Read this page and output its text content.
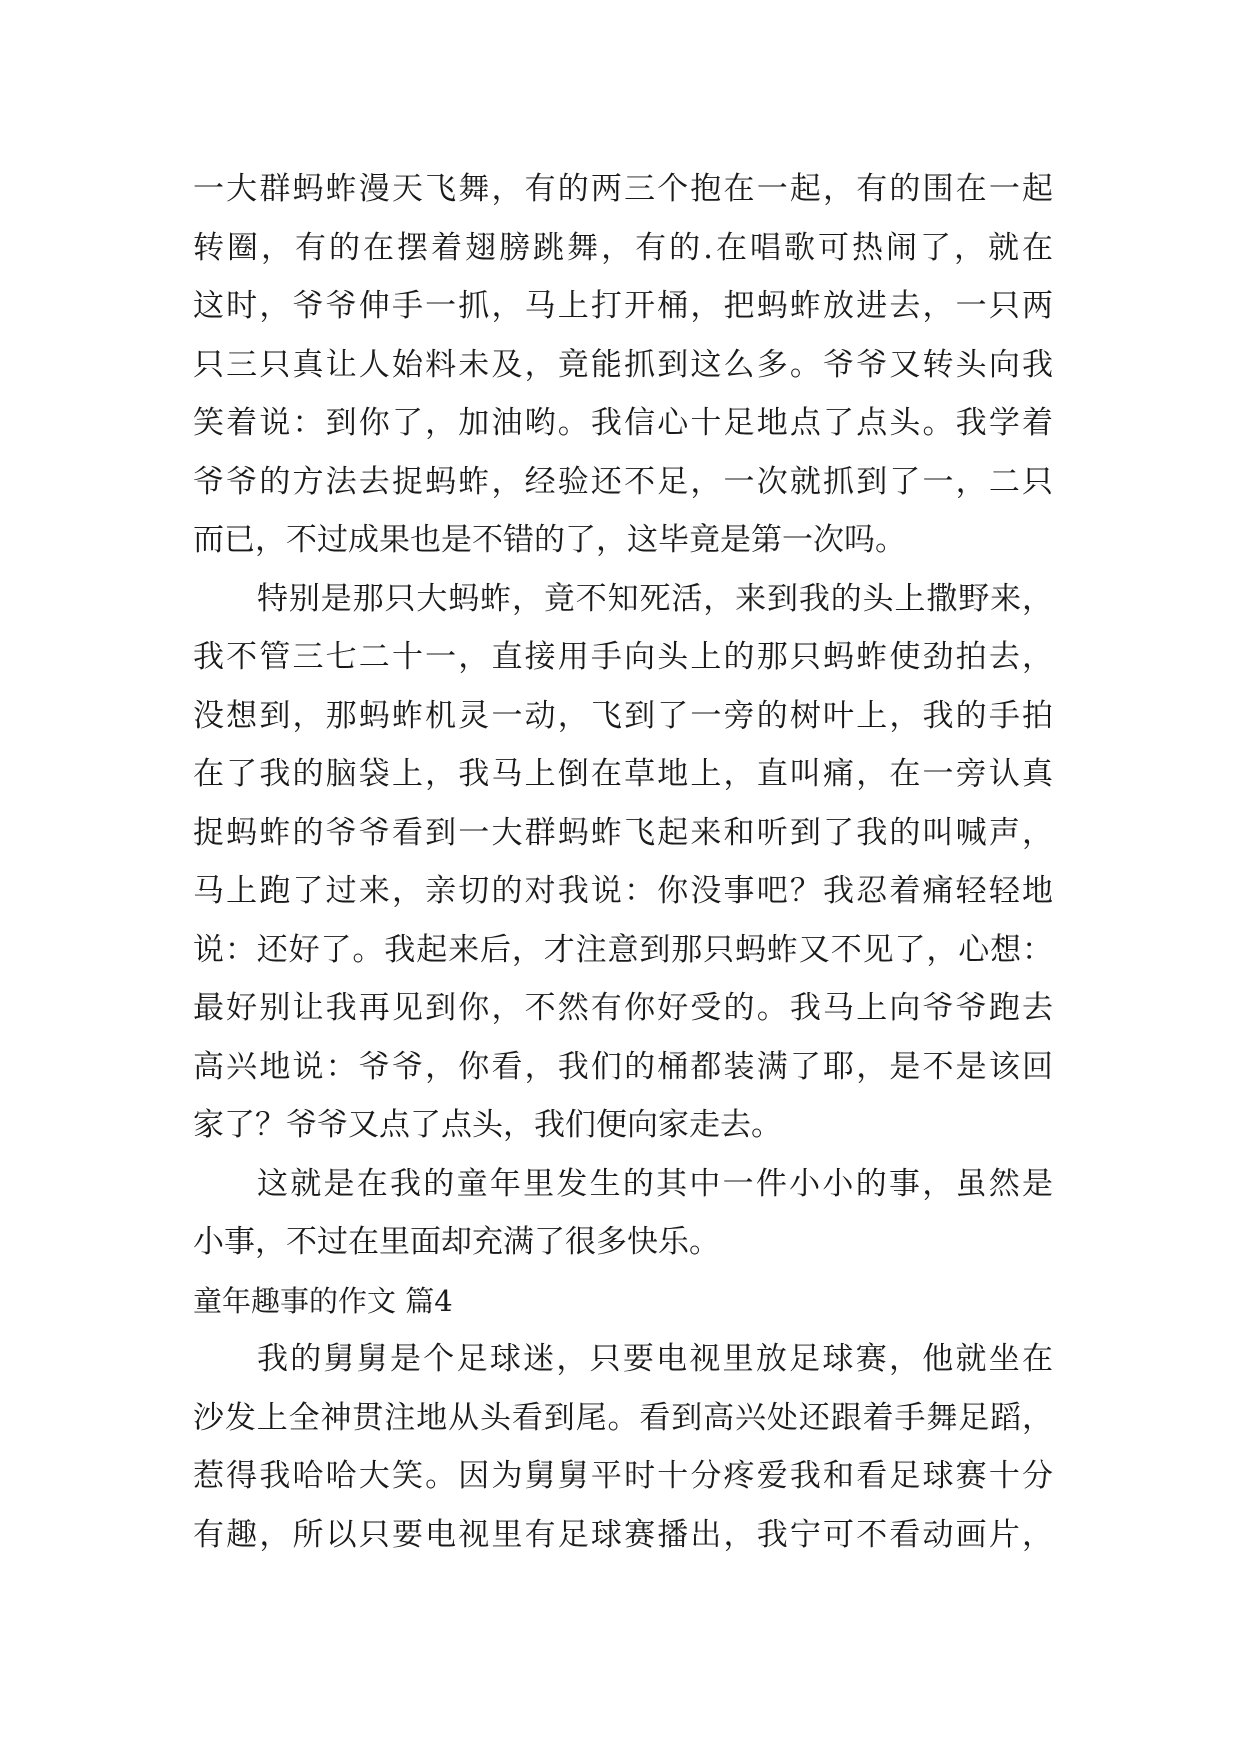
一大群蚂蚱漫天飞舞，有的两三个抱在一起，有的围在一起
转圈，有的在摆着翅膀跳舞，有的.在唱歌可热闹了，就在
这时，爷爷伸手一抓，马上打开桶，把蚂蚱放进去，一只两
只三只真让人始料未及，竟能抓到这么多。爷爷又转头向我
笑着说：到你了，加油哟。我信心十足地点了点头。我学着
爷爷的方法去捉蚂蚱，经验还不足，一次就抓到了一，二只
而已，不过成果也是不错的了，这毕竟是第一次吗。
特别是那只大蚂蚱，竟不知死活，来到我的头上撒野来，
我不管三七二十一，直接用手向头上的那只蚂蚱使劲拍去，
没想到，那蚂蚱机灵一动，飞到了一旁的树叶上，我的手拍
在了我的脑袋上，我马上倒在草地上，直叫痛，在一旁认真
捉蚂蚱的爷爷看到一大群蚂蚱飞起来和听到了我的叫喊声，
马上跑了过来，亲切的对我说：你没事吧？我忍着痛轻轻地
说：还好了。我起来后，才注意到那只蚂蚱又不见了，心想：
最好别让我再见到你，不然有你好受的。我马上向爷爷跑去
高兴地说：爷爷，你看，我们的桶都装满了耶，是不是该回
家了？爷爷又点了点头，我们便向家走去。
这就是在我的童年里发生的其中一件小小的事，虽然是
小事，不过在里面却充满了很多快乐。
童年趣事的作文 篇4
我的舅舅是个足球迷，只要电视里放足球赛，他就坐在
沙发上全神贯注地从头看到尾。看到高兴处还跟着手舞足蹈，
惹得我哈哈大笑。因为舅舅平时十分疼爱我和看足球赛十分
有趣，所以只要电视里有足球赛播出，我宁可不看动画片，
